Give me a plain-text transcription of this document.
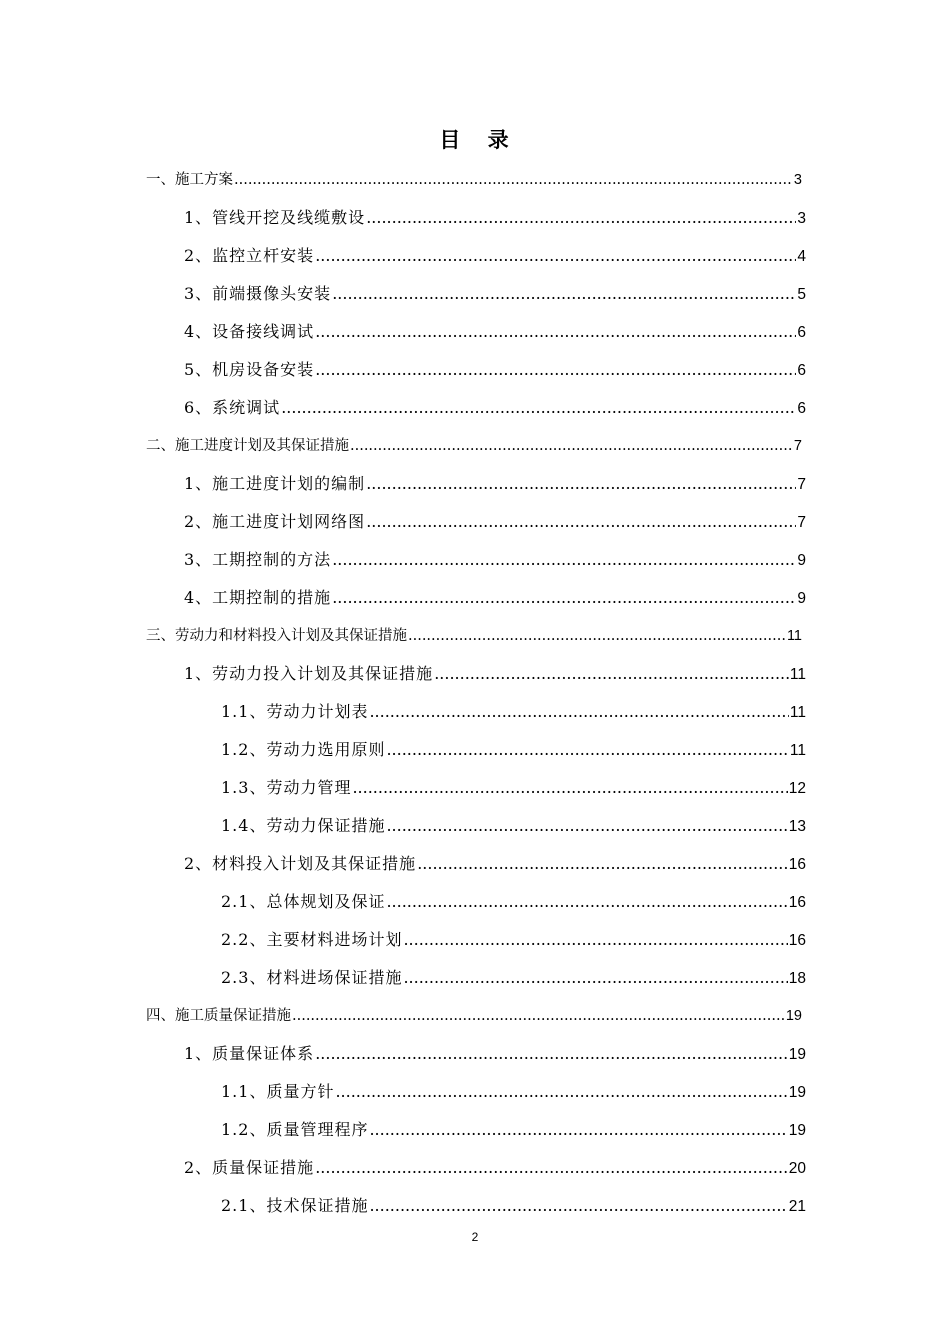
目 录
一、施工方案 .....	3
1、管线开挖及线缆敷设 .....	3
2、监控立杆安装 .....	4
3、前端摄像头安装 .....	5
4、设备接线调试 .....	6
5、机房设备安装 .....	6
6、系统调试 .....	6
二、施工进度计划及其保证措施 .....	7
1、施工进度计划的编制 .....	7
2、施工进度计划网络图 .....	7
3、工期控制的方法 .....	9
4、工期控制的措施 .....	9
三、劳动力和材料投入计划及其保证措施 .....	11
1、劳动力投入计划及其保证措施 .....	11
1.1、劳动力计划表 .....	11
1.2、劳动力选用原则 .....	11
1.3、劳动力管理 .....	12
1.4、劳动力保证措施 .....	13
2、材料投入计划及其保证措施 .....	16
2.1、总体规划及保证 .....	16
2.2、主要材料进场计划 .....	16
2.3、材料进场保证措施 .....	18
四、施工质量保证措施 .....	19
1、质量保证体系 .....	19
1.1、质量方针 .....	19
1.2、质量管理程序 .....	19
2、质量保证措施 .....	20
2.1、技术保证措施 .....	21
2
